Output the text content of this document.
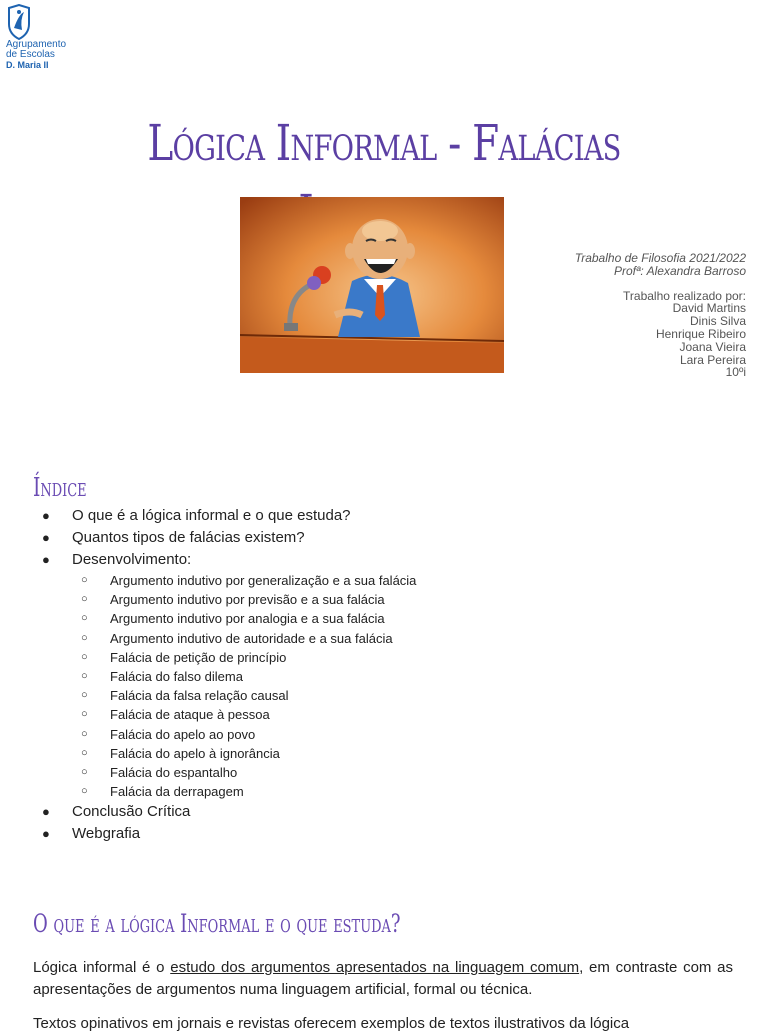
Agrupamento
de Escolas
D. Maria II
Lógica Informal - Falácias
Trabalho de Filosofia 2021/2022
Profª: Alexandra Barroso
Trabalho realizado por:
David Martins
Dinis Silva
Henrique Ribeiro
Joana Vieira
Lara Pereira
10ºi
Índice
● O que é a lógica informal e o que estuda?
● Quantos tipos de falácias existem?
● Desenvolvimento:
○ Argumento indutivo por generalização e a sua falácia
○ Argumento indutivo por previsão e a sua falácia
○ Argumento indutivo por analogia e a sua falácia
○ Argumento indutivo de autoridade e a sua falácia
○ Falácia de petição de princípio
○ Falácia do falso dilema
○ Falácia da falsa relação causal
○ Falácia de ataque à pessoa
○ Falácia do apelo ao povo
○ Falácia do apelo à ignorância
○ Falácia do espantalho
○ Falácia da derrapagem
● Conclusão Crítica
● Webgrafia
O que é a lógica Informal e o que estuda?
Lógica informal é o estudo dos argumentos apresentados na linguagem comum, em contraste com as apresentações de argumentos numa linguagem artificial, formal ou técnica.
Textos opinativos em jornais e revistas oferecem exemplos de textos ilustrativos da lógica
